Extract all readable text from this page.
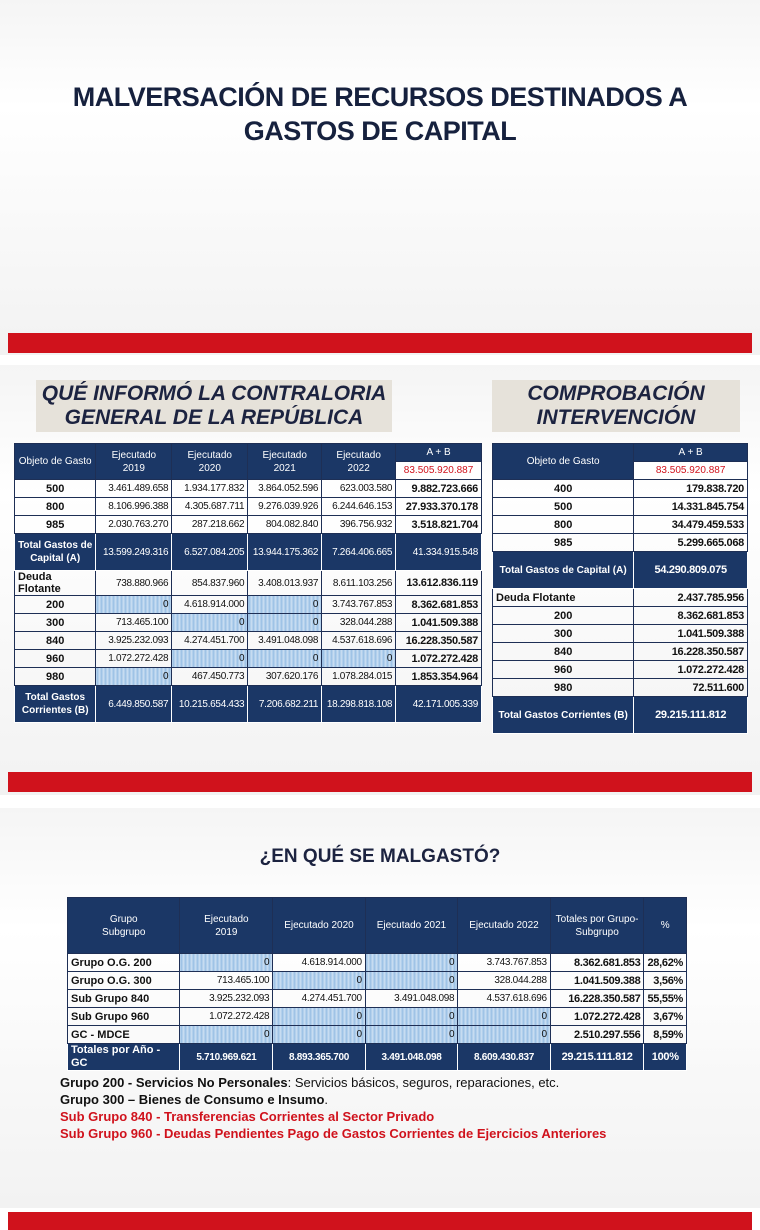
MALVERSACIÓN DE RECURSOS DESTINADOS A
GASTOS DE CAPITAL
QUÉ INFORMÓ LA CONTRALORIA
GENERAL DE LA REPÚBLICA
COMPROBACIÓN
INTERVENCIÓN
Objeto de Gasto	Ejecutado 2019	Ejecutado 2020	Ejecutado 2021	Ejecutado 2022	A + B
					83.505.920.887
500	3.461.489.658	1.934.177.832	3.864.052.596	623.003.580	9.882.723.666
800	8.106.996.388	4.305.687.711	9.276.039.926	6.244.646.153	27.933.370.178
985	2.030.763.270	287.218.662	804.082.840	396.756.932	3.518.821.704
Total Gastos de Capital (A)	13.599.249.316	6.527.084.205	13.944.175.362	7.264.406.665	41.334.915.548
Deuda Flotante	738.880.966	854.837.960	3.408.013.937	8.611.103.256	13.612.836.119
200	0	4.618.914.000	0	3.743.767.853	8.362.681.853
300	713.465.100	0	0	328.044.288	1.041.509.388
840	3.925.232.093	4.274.451.700	3.491.048.098	4.537.618.696	16.228.350.587
960	1.072.272.428	0	0	0	1.072.272.428
980	0	467.450.773	307.620.176	1.078.284.015	1.853.354.964
Total Gastos Corrientes (B)	6.449.850.587	10.215.654.433	7.206.682.211	18.298.818.108	42.171.005.339
Objeto de Gasto	A + B
	83.505.920.887
400	179.838.720
500	14.331.845.754
800	34.479.459.533
985	5.299.665.068
Total Gastos de Capital (A)	54.290.809.075
Deuda Flotante	2.437.785.956
200	8.362.681.853
300	1.041.509.388
840	16.228.350.587
960	1.072.272.428
980	72.511.600
Total Gastos Corrientes (B)	29.215.111.812
¿EN QUÉ SE MALGASTÓ?
Grupo Subgrupo	Ejecutado 2019	Ejecutado 2020	Ejecutado 2021	Ejecutado 2022	Totales por Grupo-Subgrupo	%
Grupo O.G. 200	0	4.618.914.000	0	3.743.767.853	8.362.681.853	28,62%
Grupo O.G. 300	713.465.100	0	0	328.044.288	1.041.509.388	3,56%
Sub Grupo 840	3.925.232.093	4.274.451.700	3.491.048.098	4.537.618.696	16.228.350.587	55,55%
Sub Grupo 960	1.072.272.428	0	0	0	1.072.272.428	3,67%
GC - MDCE	0	0	0	0	2.510.297.556	8,59%
Totales por Año - GC	5.710.969.621	8.893.365.700	3.491.048.098	8.609.430.837	29.215.111.812	100%
Grupo 200 - Servicios No Personales: Servicios básicos, seguros, reparaciones, etc.
Grupo 300 – Bienes de Consumo e Insumo.
Sub Grupo 840 - Transferencias Corrientes al Sector Privado
Sub Grupo 960 - Deudas Pendientes Pago de Gastos Corrientes de Ejercicios Anteriores
